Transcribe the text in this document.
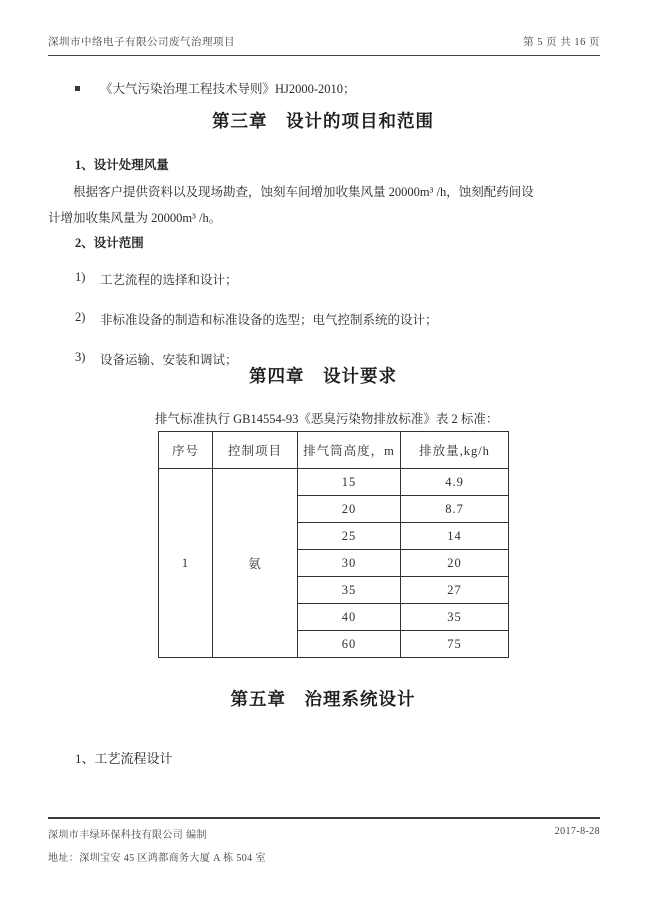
深圳市中络电子有限公司废气治理项目	第 5 页 共 16 页
《大气污染治理工程技术导则》HJ2000-2010；
第三章　设计的项目和范围
1、设计处理风量
根据客户提供资料以及现场勘查，蚀刻车间增加收集风量 20000m³ /h，蚀刻配药间设
计增加收集风量为 20000m³ /h。
2、设计范围
1)	工艺流程的选择和设计；
2)	非标准设备的制造和标准设备的选型；电气控制系统的设计；
3)	设备运输、安装和调试；
第四章　设计要求
排气标准执行 GB14554-93《恶臭污染物排放标准》表 2 标准：
序号	控制项目	排气筒高度，m	排放量,kg/h
1	氨	15	4.9
		20	8.7
		25	14
		30	20
		35	27
		40	35
		60	75
第五章　治理系统设计
1、工艺流程设计
深圳市丰绿环保科技有限公司 编制	2017-8-28
地址：深圳宝安 45 区鸿都商务大厦 A 栋 504 室
